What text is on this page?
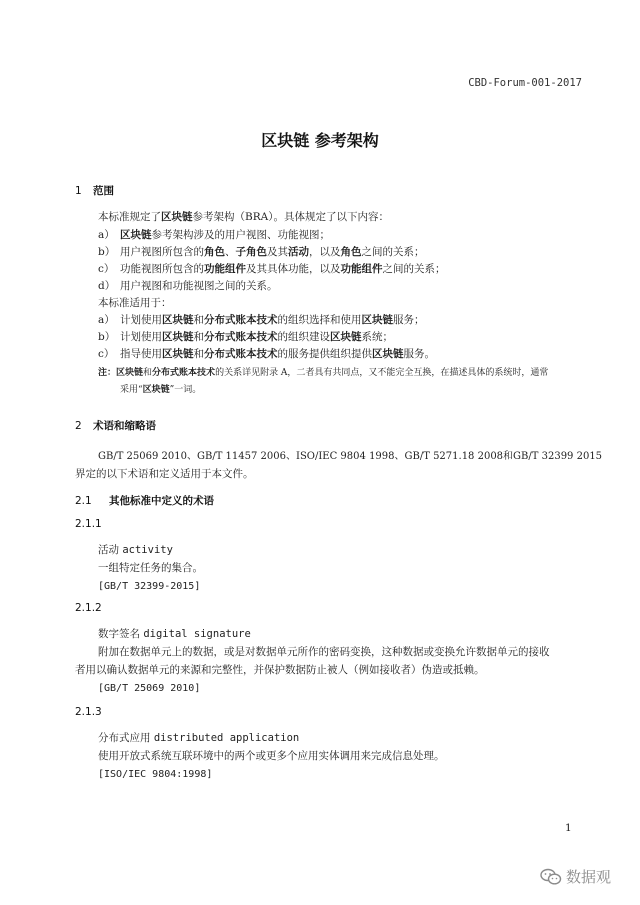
CBD-Forum-001-2017
区块链 参考架构
1 范围
本标准规定了区块链参考架构（BRA）。具体规定了以下内容：
a） 区块链参考架构涉及的用户视图、功能视图；
b） 用户视图所包含的角色、子角色及其活动，以及角色之间的关系；
c） 功能视图所包含的功能组件及其具体功能，以及功能组件之间的关系；
d） 用户视图和功能视图之间的关系。
本标准适用于：
a） 计划使用区块链和分布式账本技术的组织选择和使用区块链服务；
b） 计划使用区块链和分布式账本技术的组织建设区块链系统；
c） 指导使用区块链和分布式账本技术的服务提供组织提供区块链服务。
注：区块链和分布式账本技术的关系详见附录 A，二者具有共同点，又不能完全互换，在描述具体的系统时，通常
采用“区块链”一词。
2 术语和缩略语
GB/T 25069 2010、GB/T 11457 2006、ISO/IEC 9804 1998、GB/T 5271.18 2008和GB/T 32399 2015
界定的以下术语和定义适用于本文件。
2.1 其他标准中定义的术语
2.1.1
活动 activity
一组特定任务的集合。
[GB/T 32399-2015]
2.1.2
数字签名 digital signature
附加在数据单元上的数据，或是对数据单元所作的密码变换，这种数据或变换允许数据单元的接收
者用以确认数据单元的来源和完整性，并保护数据防止被人（例如接收者）伪造或抵赖。
[GB/T 25069 2010]
2.1.3
分布式应用 distributed application
使用开放式系统互联环境中的两个或更多个应用实体调用来完成信息处理。
[ISO/IEC 9804:1998]
1
数据观
